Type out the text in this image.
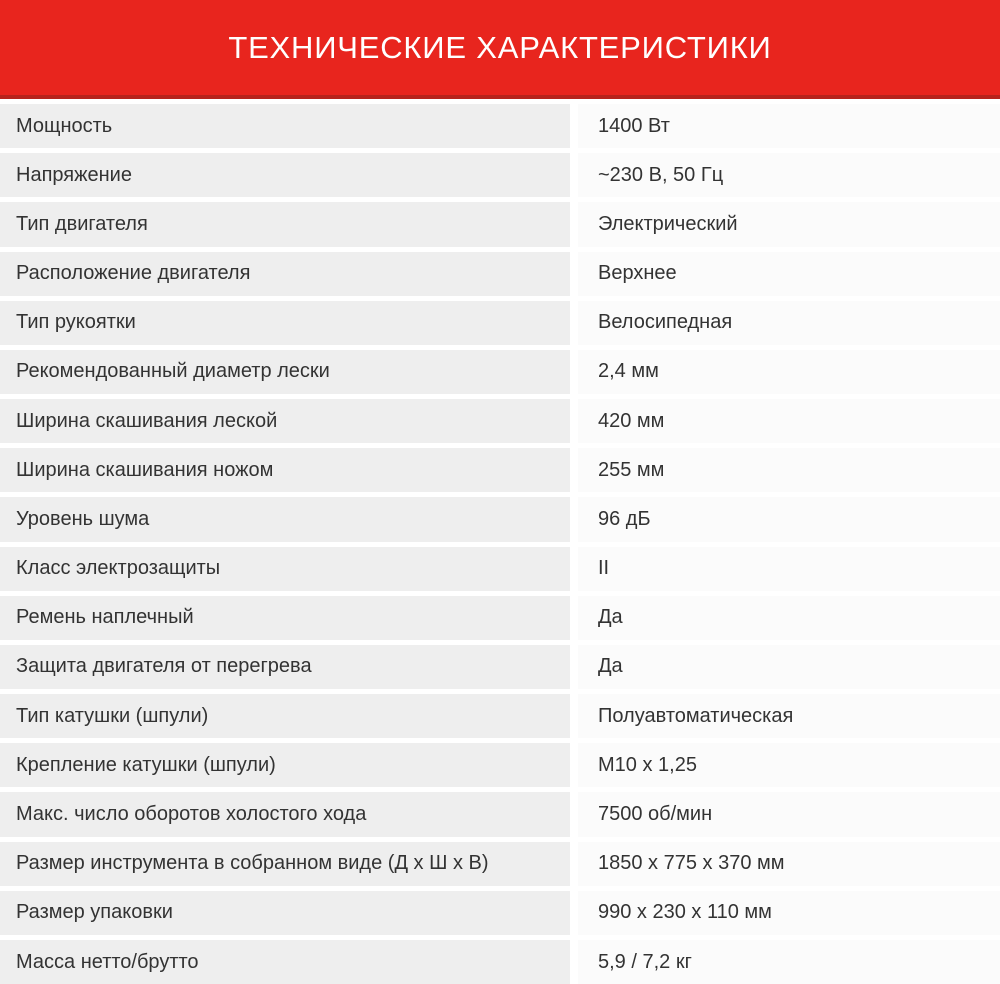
ТЕХНИЧЕСКИЕ ХАРАКТЕРИСТИКИ
Мощность	1400 Вт
Напряжение	~230 В, 50 Гц
Тип двигателя	Электрический
Расположение двигателя	Верхнее
Тип рукоятки	Велосипедная
Рекомендованный диаметр лески	2,4 мм
Ширина скашивания леской	420 мм
Ширина скашивания ножом	255 мм
Уровень шума	96 дБ
Класс электрозащиты	II
Ремень наплечный	Да
Защита двигателя от перегрева	Да
Тип катушки (шпули)	Полуавтоматическая
Крепление катушки (шпули)	M10 x 1,25
Макс. число оборотов холостого хода	7500 об/мин
Размер инструмента в собранном виде (Д х Ш х В)	1850 x 775 x 370 мм
Размер упаковки	990 x 230 x 110 мм
Масса нетто/брутто	5,9 / 7,2 кг
